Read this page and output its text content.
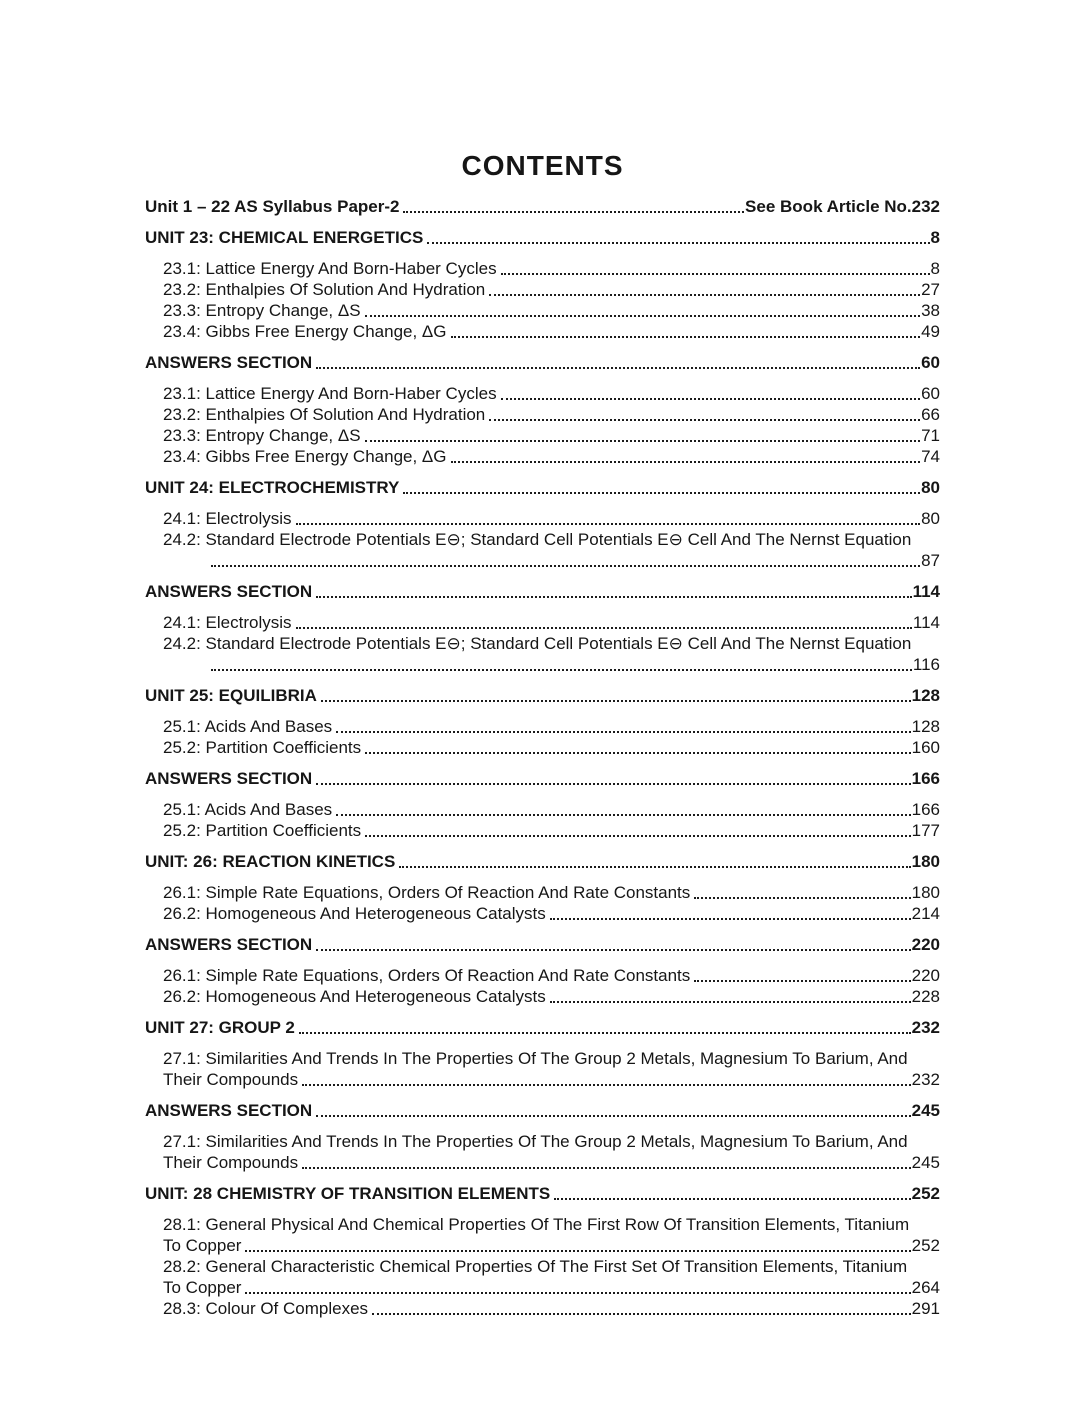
CONTENTS
Unit 1 – 22 AS Syllabus Paper-2	See Book Article No.232
UNIT 23: CHEMICAL ENERGETICS	8
23.1: Lattice Energy And Born-Haber Cycles	8
23.2: Enthalpies Of Solution And Hydration	27
23.3: Entropy Change, ΔS	38
23.4: Gibbs Free Energy Change, ΔG	49
ANSWERS SECTION	60
23.1: Lattice Energy And Born-Haber Cycles	60
23.2: Enthalpies Of Solution And Hydration	66
23.3: Entropy Change, ΔS	71
23.4: Gibbs Free Energy Change, ΔG	74
UNIT 24: ELECTROCHEMISTRY	80
24.1: Electrolysis	80
24.2: Standard Electrode Potentials E⊖; Standard Cell Potentials E⊖ Cell And The Nernst Equation
87
ANSWERS SECTION	114
24.1: Electrolysis	114
24.2: Standard Electrode Potentials E⊖; Standard Cell Potentials E⊖ Cell And The Nernst Equation
116
UNIT 25: EQUILIBRIA	128
25.1: Acids And Bases	128
25.2: Partition Coefficients	160
ANSWERS SECTION	166
25.1: Acids And Bases	166
25.2: Partition Coefficients	177
UNIT: 26: REACTION KINETICS	180
26.1: Simple Rate Equations, Orders Of Reaction And Rate Constants	180
26.2: Homogeneous And Heterogeneous Catalysts	214
ANSWERS SECTION	220
26.1: Simple Rate Equations, Orders Of Reaction And Rate Constants	220
26.2: Homogeneous And Heterogeneous Catalysts	228
UNIT 27: GROUP 2	232
27.1: Similarities And Trends In The Properties Of The Group 2 Metals, Magnesium To Barium, And
Their Compounds	232
ANSWERS SECTION	245
27.1: Similarities And Trends In The Properties Of The Group 2 Metals, Magnesium To Barium, And
Their Compounds	245
UNIT: 28 CHEMISTRY OF TRANSITION ELEMENTS	252
28.1: General Physical And Chemical Properties Of The First Row Of Transition Elements, Titanium
To Copper	252
28.2: General Characteristic Chemical Properties Of The First Set Of Transition Elements, Titanium
To Copper	264
28.3: Colour Of Complexes	291
